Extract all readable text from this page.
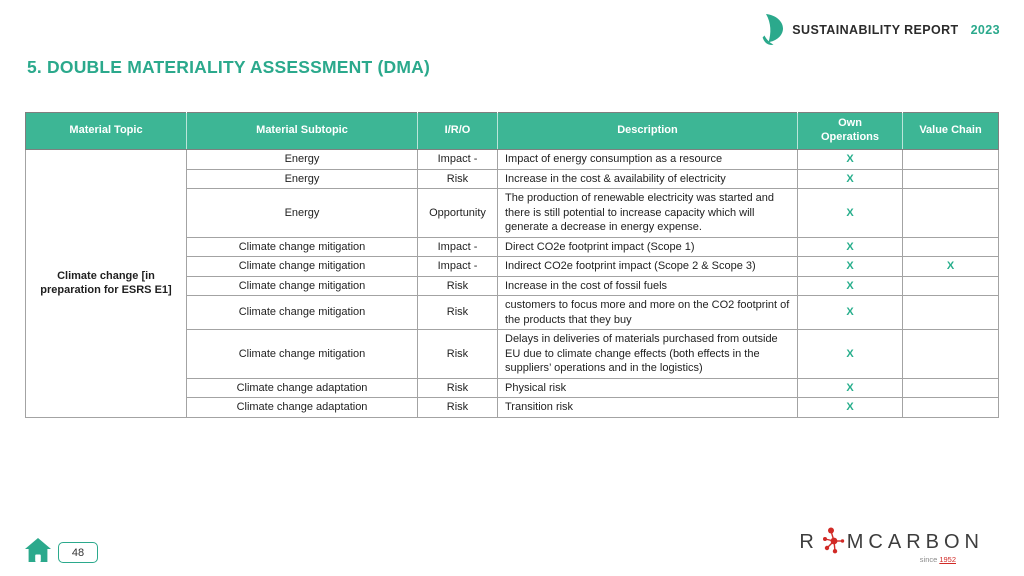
SUSTAINABILITY REPORT 2023
5. DOUBLE MATERIALITY ASSESSMENT (DMA)
Material Topic	Material Subtopic	I/R/O	Description	Own Operations	Value Chain
Climate change [in preparation for ESRS E1]	Energy	Impact -	Impact of energy consumption as a resource	X	
	Energy	Risk	Increase in the cost & availability of electricity	X	
	Energy	Opportunity	The production of renewable electricity was started and there is still potential to increase capacity which will generate a decrease in energy expense.	X	
	Climate change mitigation	Impact -	Direct CO2e footprint impact (Scope 1)	X	
	Climate change mitigation	Impact -	Indirect CO2e footprint impact (Scope 2 & Scope 3)	X	X
	Climate change mitigation	Risk	Increase in the cost of fossil fuels	X	
	Climate change mitigation	Risk	customers to focus more and more on the CO2 footprint of the products that they buy	X	
	Climate change mitigation	Risk	Delays in deliveries of materials purchased from outside EU due to climate change effects (both effects in the suppliers’ operations and in the logistics)	X	
	Climate change adaptation	Risk	Physical risk	X	
	Climate change adaptation	Risk	Transition risk	X	
48	R MCARBON
since 1952
